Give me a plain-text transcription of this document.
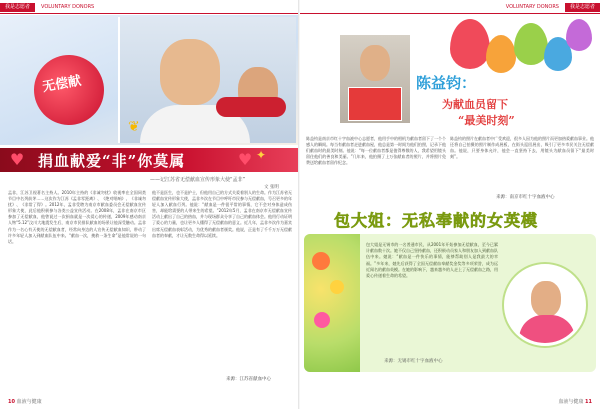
我是志愿者 VOLUNTARY DONORS
无偿献
❦
♥ 捐血献爱“非”你莫属	♥ ✦
——记江苏省无偿献血宣传形象大使“孟非”
文 张明
孟非，江苏卫视著名主持人。2010年主持的《非诚勿扰》收视率在全国同类节目中名列前茅……这次作为江苏《孟非零距离》、《绝对唱响》、《非诚勿扰》、《非常了得》。2012年，孟非受聘为南京市献血委员会无偿献血宣传形象大使，此后他积极参与各类公益宣传活动。在2008年，孟非在南京市区参加了无偿献血，他曾说过一次捐血就是一次爱心的传递，2009年感动南京人物“5.12”汶川大地震发生后，南京市民排队献血的场景让他深受触动。孟非作为一名心有天使的无偿献血者，经常向身边的人宣传无偿献血知识，带动了许多年轻人加入到献血队伍中来。“献血一次，挽救一条生命”是他常说的一句话。
他不是医生，也不是护士，但他用自己的方式关爱着别人的生命。作为江苏省无偿献血宣传形象大使，孟非多次在节目中呼吁市民参与无偿献血，号召更多的年轻人加入献血行列。他说：“献血是一件很平常的事情，它不会对身体造成伤害，却能给需要的人带来生的希望。”2012年5月，孟非在南京市无偿献血宣传活动上献出了自己的热血，并与现场群众分享了自己的献血体会。他用行动证明了爱心的力量，也让更多人懂得了无偿献血的意义。近几年，孟非多次作为嘉宾出席无偿献血表彰活动，为优秀的献血者颁奖。他说，正是有了千千万万无偿献血者的奉献，才让无数生命得以延续。
来源：江苏省献血中心
10 血液与健康
VOLUNTARY DONORS 我是志愿者
陈益钧：
为献血员留下
“最美时刻”
陈益钧是南京市红十字血液中心志愿者，他用手中的相机为献血者留下了一个个感人的瞬间。每当有献血者走进献血屋，他总是第一时间为他们拍照，记录下他们献血时的最美时刻。他说：“每一位献血者都是值得尊敬的人，我希望用镜头留住他们的善良和美丽。”几年来，他拍摄了上万张献血者的照片，并将照片免费送给献血者留作纪念。
陈益钧的照片在献血者中广受欢迎，很多人因为他的照片而更加热爱献血事业。他还将自己拍摄的照片制作成展板，在街头巡回展出，吸引了更多市民关注无偿献血。他说，只要身体允许，他会一直坚持下去，用镜头为献血员留下“最美时刻”。
来源：南京市红十字血液中心
包大姐：无私奉献的女英模
包大姐是无锡市的一名普通市民，从2001年开始参加无偿献血，至今已累计献血数十次。她不仅自己坚持献血，还积极动员家人和朋友加入到献血队伍中来。她说：“献血是一件快乐的事情，能够帮助别人是我最大的幸福。”多年来，她先后获得了全国无偿献血奉献奖金奖等多项荣誉，成为远近闻名的献血英模。在她的影响下，越来越多的人走上了无偿献血之路，用爱心传递着生命的希望。
来源：无锡市红十字血液中心
血液与健康 11
